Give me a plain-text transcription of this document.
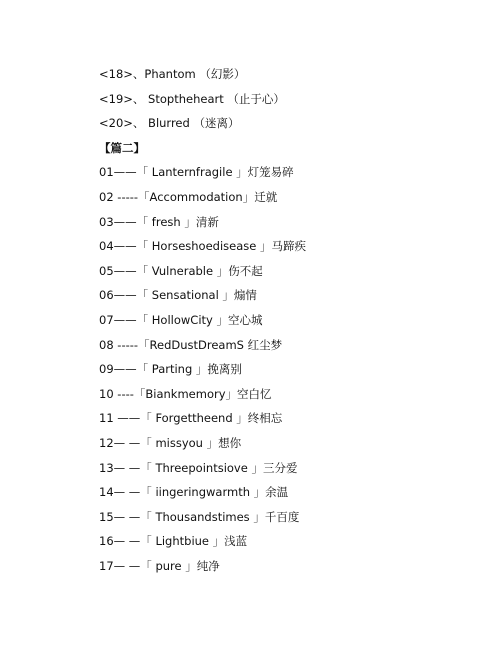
<18>、Phantom （幻影）
<19>、 Stoptheheart （止于心）
<20>、 Blurred （迷离）
【篇二】
01——「 Lanternfragile 」灯笼易碎
02 -----「Accommodation」迁就
03——「 fresh 」清新
04——「 Horseshoedisease 」马蹄疾
05——「 Vulnerable 」伤不起
06——「 Sensational 」煽情
07——「 HollowCity 」空心城
08 -----「RedDustDreamS 红尘梦
09——「 Parting 」挽离别
10 ----「Biankmemory」空白忆
11 ——「 Forgettheend 」终相忘
12— —「 missyou 」想你
13— —「 Threepointsiove 」三分爱
14— —「 iingeringwarmth 」余温
15— —「 Thousandstimes 」千百度
16— —「 Lightbiue 」浅蓝
17— —「 pure 」纯净
